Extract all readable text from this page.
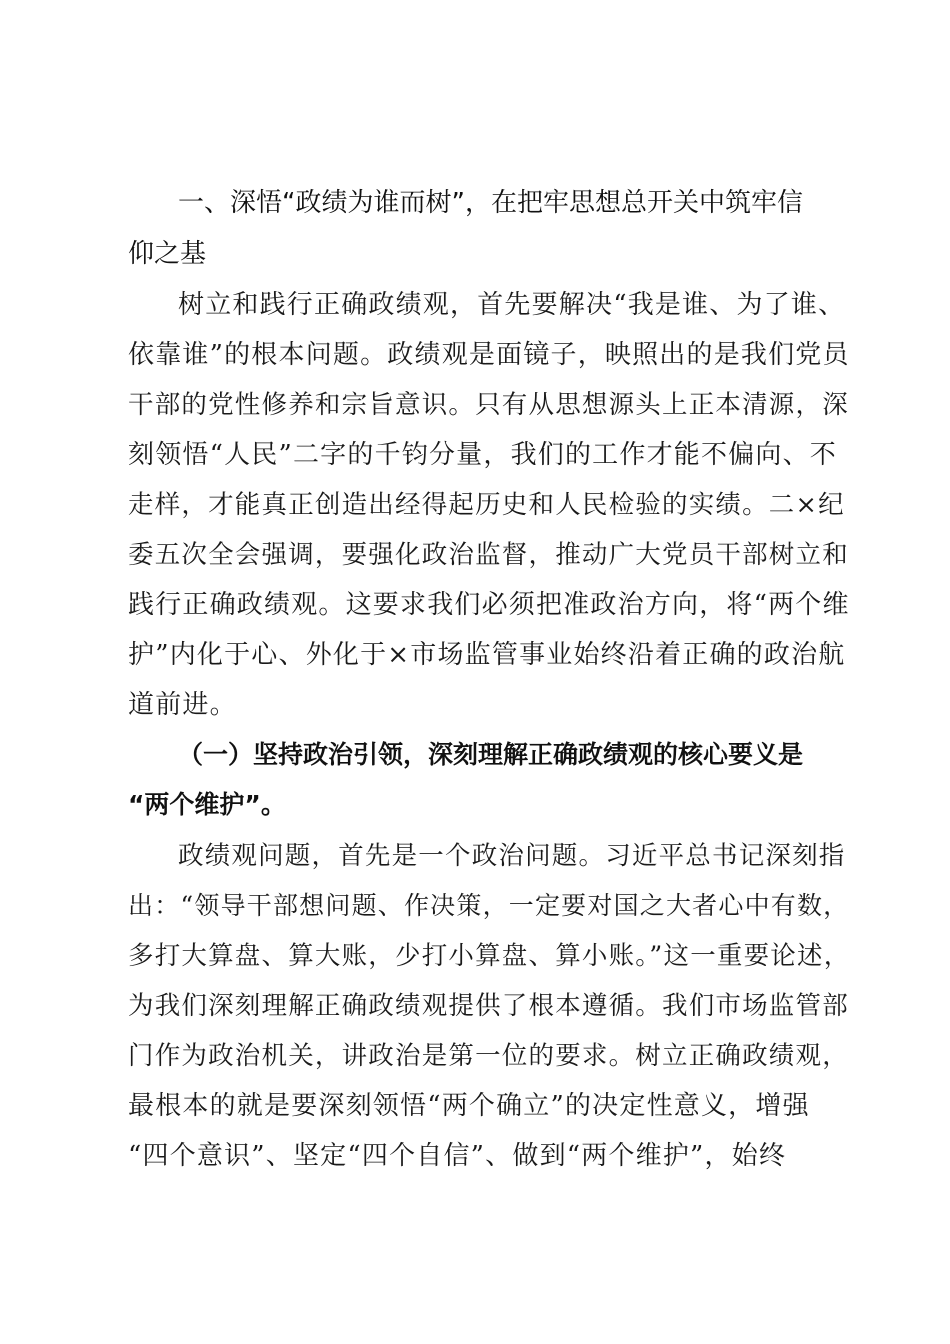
一、深悟“政绩为谁而树”，在把牢思想总开关中筑牢信

仰之基

树立和践行正确政绩观，首先要解决“我是谁、为了谁、

依靠谁”的根本问题。政绩观是面镜子，映照出的是我们党员

干部的党性修养和宗旨意识。只有从思想源头上正本清源，深

刻领悟“人民”二字的千钧分量，我们的工作才能不偏向、不

走样，才能真正创造出经得起历史和人民检验的实绩。二×纪

委五次全会强调，要强化政治监督，推动广大党员干部树立和

践行正确政绩观。这要求我们必须把准政治方向，将“两个维

护”内化于心、外化于×市场监管事业始终沿着正确的政治航

道前进。

（一）坚持政治引领，深刻理解正确政绩观的核心要义是

“两个维护”。

政绩观问题，首先是一个政治问题。习近平总书记深刻指

出：“领导干部想问题、作决策，一定要对国之大者心中有数，

多打大算盘、算大账，少打小算盘、算小账。”这一重要论述，

为我们深刻理解正确政绩观提供了根本遵循。我们市场监管部

门作为政治机关，讲政治是第一位的要求。树立正确政绩观，

最根本的就是要深刻领悟“两个确立”的决定性意义，增强

“四个意识”、坚定“四个自信”、做到“两个维护”，始终
